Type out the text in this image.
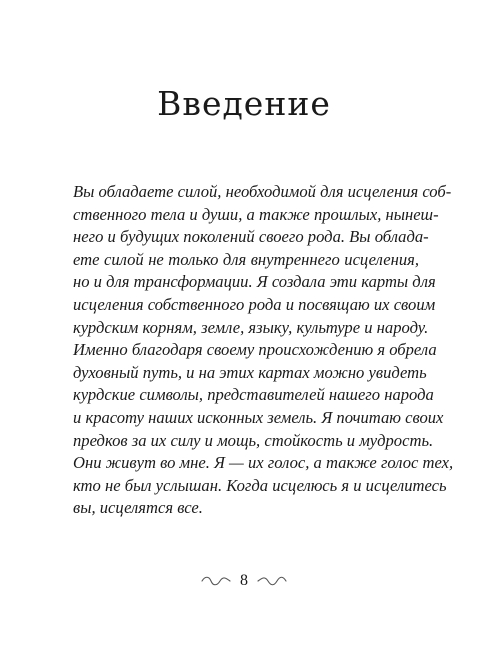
Введение
Вы обладаете силой, необходимой для исцеления соб-
ственного тела и души, а также прошлых, нынеш-
него и будущих поколений своего рода. Вы облада-
ете силой не только для внутреннего исцеления,
но и для трансформации. Я создала эти карты для
исцеления собственного рода и посвящаю их своим
курдским корням, земле, языку, культуре и народу.
Именно благодаря своему происхождению я обрела
духовный путь, и на этих картах можно увидеть
курдские символы, представителей нашего народа
и красоту наших исконных земель. Я почитаю своих
предков за их силу и мощь, стойкость и мудрость.
Они живут во мне. Я — их голос, а также голос тех,
кто не был услышан. Когда исцелюсь я и исцелитесь
вы, исцелятся все.
8
